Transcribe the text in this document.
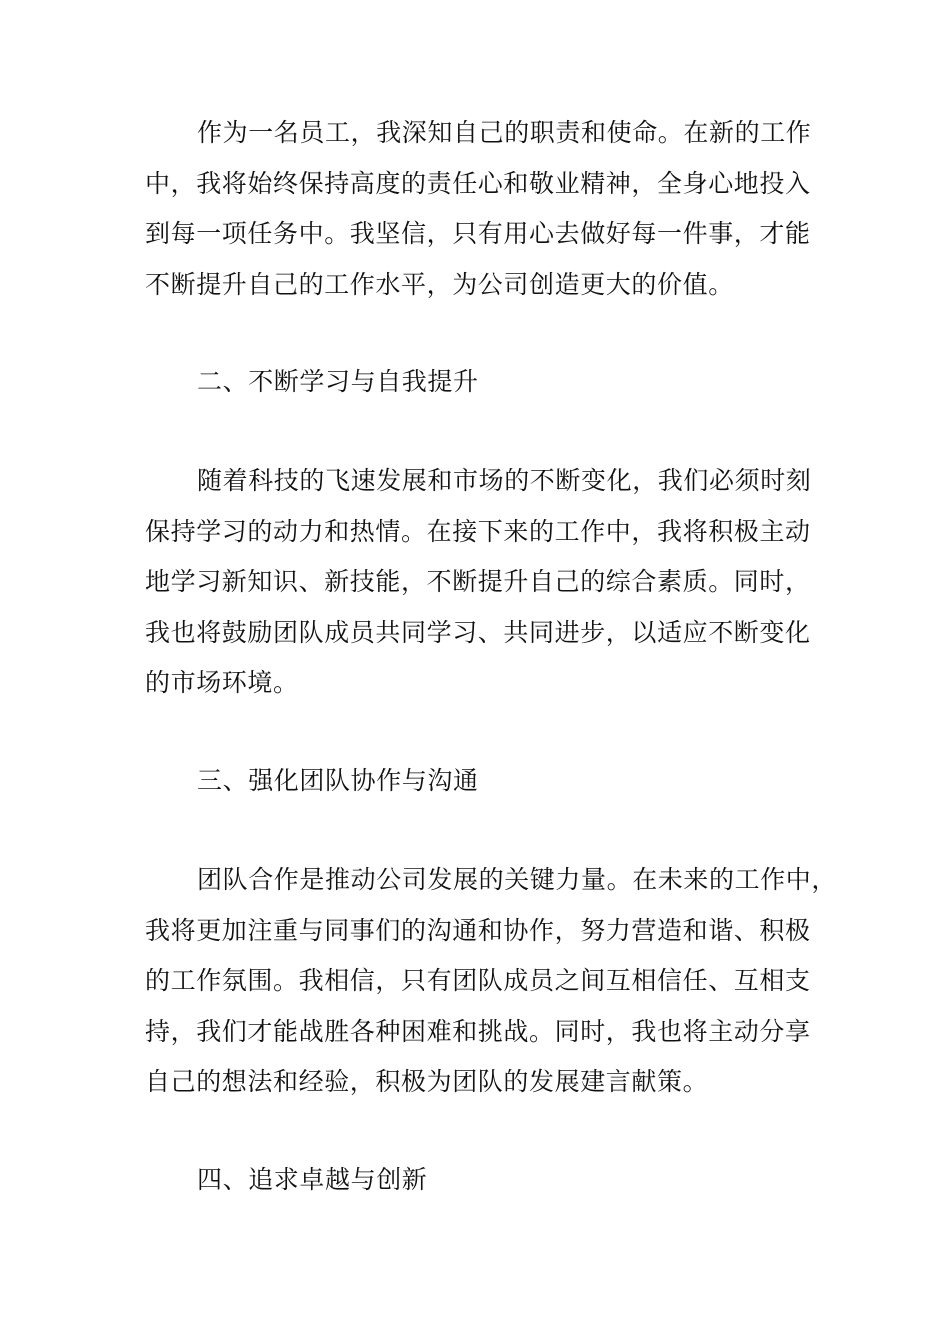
作为一名员工，我深知自己的职责和使命。在新的工作
中，我将始终保持高度的责任心和敬业精神，全身心地投入
到每一项任务中。我坚信，只有用心去做好每一件事，才能
不断提升自己的工作水平，为公司创造更大的价值。
二、不断学习与自我提升
随着科技的飞速发展和市场的不断变化，我们必须时刻
保持学习的动力和热情。在接下来的工作中，我将积极主动
地学习新知识、新技能，不断提升自己的综合素质。同时，
我也将鼓励团队成员共同学习、共同进步，以适应不断变化
的市场环境。
三、强化团队协作与沟通
团队合作是推动公司发展的关键力量。在未来的工作中，
我将更加注重与同事们的沟通和协作，努力营造和谐、积极
的工作氛围。我相信，只有团队成员之间互相信任、互相支
持，我们才能战胜各种困难和挑战。同时，我也将主动分享
自己的想法和经验，积极为团队的发展建言献策。
四、追求卓越与创新
